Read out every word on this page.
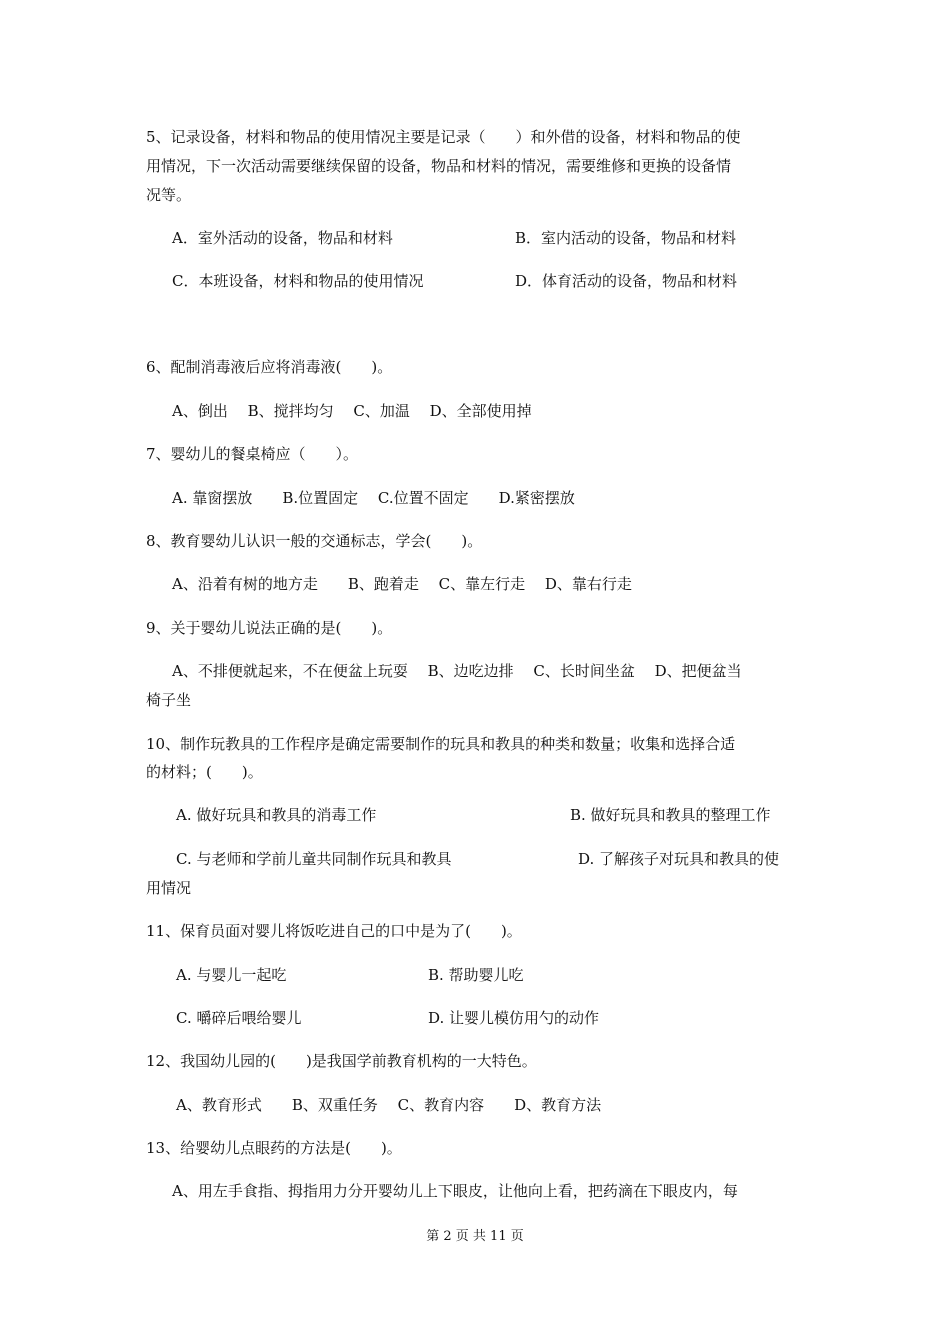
5、记录设备，材料和物品的使用情况主要是记录（　　）和外借的设备，材料和物品的使
用情况，下一次活动需要继续保留的设备，物品和材料的情况，需要维修和更换的设备情
况等。
A．室外活动的设备，物品和材料	B．室内活动的设备，物品和材料
C．本班设备，材料和物品的使用情况	D．体育活动的设备，物品和材料
6、配制消毒液后应将消毒液(　　)。
A、倒出　 B、搅拌均匀　 C、加温　 D、全部使用掉
7、婴幼儿的餐桌椅应（　　）。
A. 靠窗摆放　　B.位置固定　 C.位置不固定　　D.紧密摆放
8、教育婴幼儿认识一般的交通标志，学会(　　)。
A、沿着有树的地方走　　B、跑着走　 C、靠左行走　 D、靠右行走
9、关于婴幼儿说法正确的是(　　)。
A、不排便就起来，不在便盆上玩耍　 B、边吃边排　 C、长时间坐盆　 D、把便盆当
椅子坐
10、制作玩教具的工作程序是确定需要制作的玩具和教具的种类和数量；收集和选择合适
的材料；(　　)。
A. 做好玩具和教具的消毒工作	B. 做好玩具和教具的整理工作
C. 与老师和学前儿童共同制作玩具和教具	D. 了解孩子对玩具和教具的使
用情况
11、保育员面对婴儿将饭吃进自己的口中是为了(　　)。
A. 与婴儿一起吃	B. 帮助婴儿吃
C. 嚼碎后喂给婴儿	D. 让婴儿模仿用勺的动作
12、我国幼儿园的(　　)是我国学前教育机构的一大特色。
A、教育形式　　B、双重任务　 C、教育内容　　D、教育方法
13、给婴幼儿点眼药的方法是(　　)。
A、用左手食指、拇指用力分开婴幼儿上下眼皮，让他向上看，把药滴在下眼皮内，每
第 2 页 共 11 页
